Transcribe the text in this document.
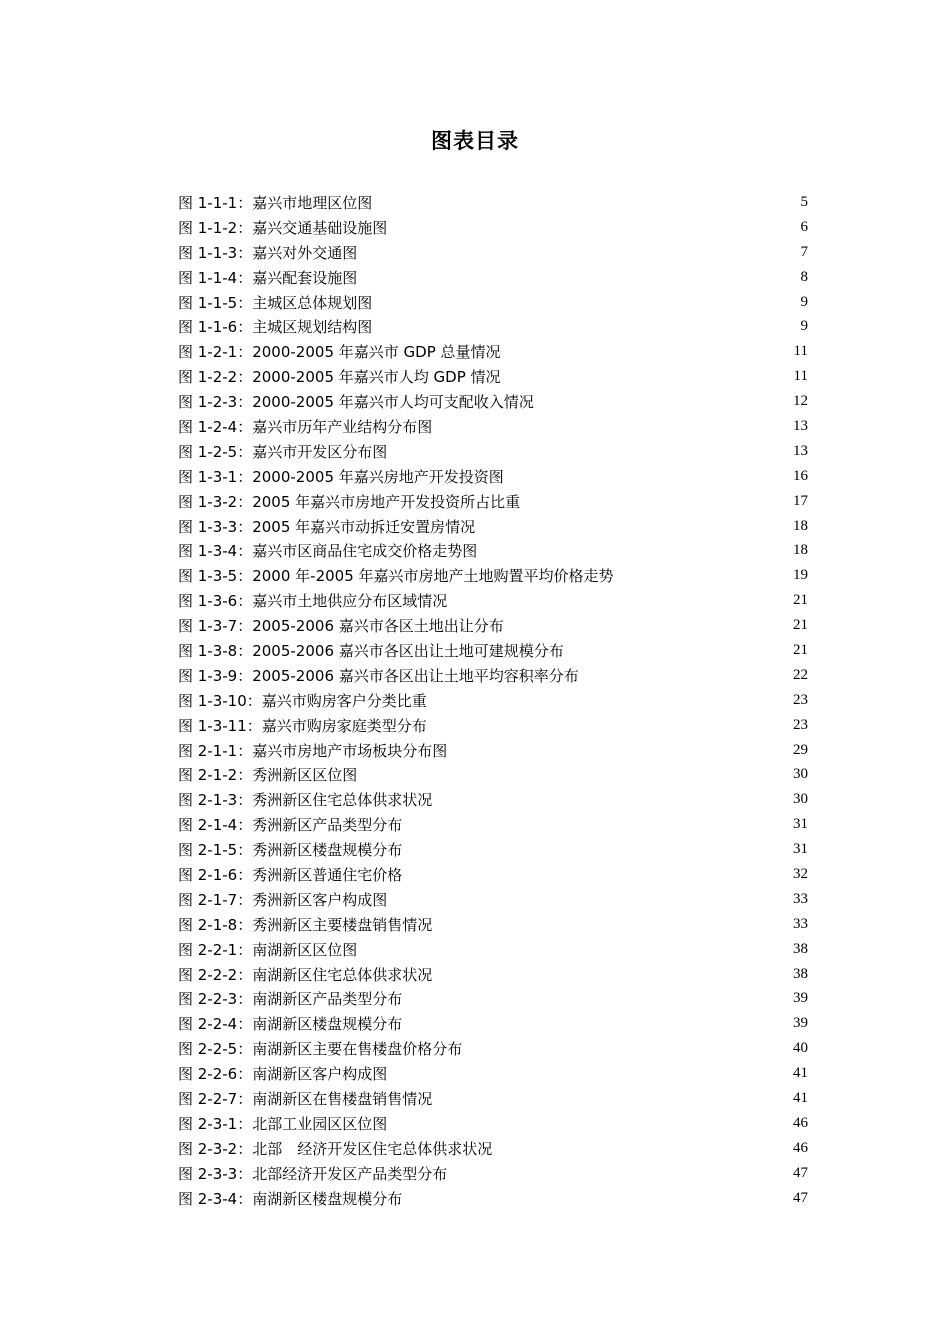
图表目录
图 1-1-1：嘉兴市地理区位图	5
图 1-1-2：嘉兴交通基础设施图	6
图 1-1-3：嘉兴对外交通图	7
图 1-1-4：嘉兴配套设施图	8
图 1-1-5：主城区总体规划图	9
图 1-1-6：主城区规划结构图	9
图 1-2-1：2000-2005 年嘉兴市 GDP 总量情况	11
图 1-2-2：2000-2005 年嘉兴市人均 GDP 情况	11
图 1-2-3：2000-2005 年嘉兴市人均可支配收入情况	12
图 1-2-4：嘉兴市历年产业结构分布图	13
图 1-2-5：嘉兴市开发区分布图	13
图 1-3-1：2000-2005 年嘉兴房地产开发投资图	16
图 1-3-2：2005 年嘉兴市房地产开发投资所占比重	17
图 1-3-3：2005 年嘉兴市动拆迁安置房情况	18
图 1-3-4：嘉兴市区商品住宅成交价格走势图	18
图 1-3-5：2000 年-2005 年嘉兴市房地产土地购置平均价格走势	19
图 1-3-6：嘉兴市土地供应分布区域情况	21
图 1-3-7：2005-2006 嘉兴市各区土地出让分布	21
图 1-3-8：2005-2006 嘉兴市各区出让土地可建规模分布	21
图 1-3-9：2005-2006 嘉兴市各区出让土地平均容积率分布	22
图 1-3-10：嘉兴市购房客户分类比重	23
图 1-3-11：嘉兴市购房家庭类型分布	23
图 2-1-1：嘉兴市房地产市场板块分布图	29
图 2-1-2：秀洲新区区位图	30
图 2-1-3：秀洲新区住宅总体供求状况	30
图 2-1-4：秀洲新区产品类型分布	31
图 2-1-5：秀洲新区楼盘规模分布	31
图 2-1-6：秀洲新区普通住宅价格	32
图 2-1-7：秀洲新区客户构成图	33
图 2-1-8：秀洲新区主要楼盘销售情况	33
图 2-2-1：南湖新区区位图	38
图 2-2-2：南湖新区住宅总体供求状况	38
图 2-2-3：南湖新区产品类型分布	39
图 2-2-4：南湖新区楼盘规模分布	39
图 2-2-5：南湖新区主要在售楼盘价格分布	40
图 2-2-6：南湖新区客户构成图	41
图 2-2-7：南湖新区在售楼盘销售情况	41
图 2-3-1：北部工业园区区位图	46
图 2-3-2：北部　经济开发区住宅总体供求状况	46
图 2-3-3：北部经济开发区产品类型分布	47
图 2-3-4：南湖新区楼盘规模分布	47
